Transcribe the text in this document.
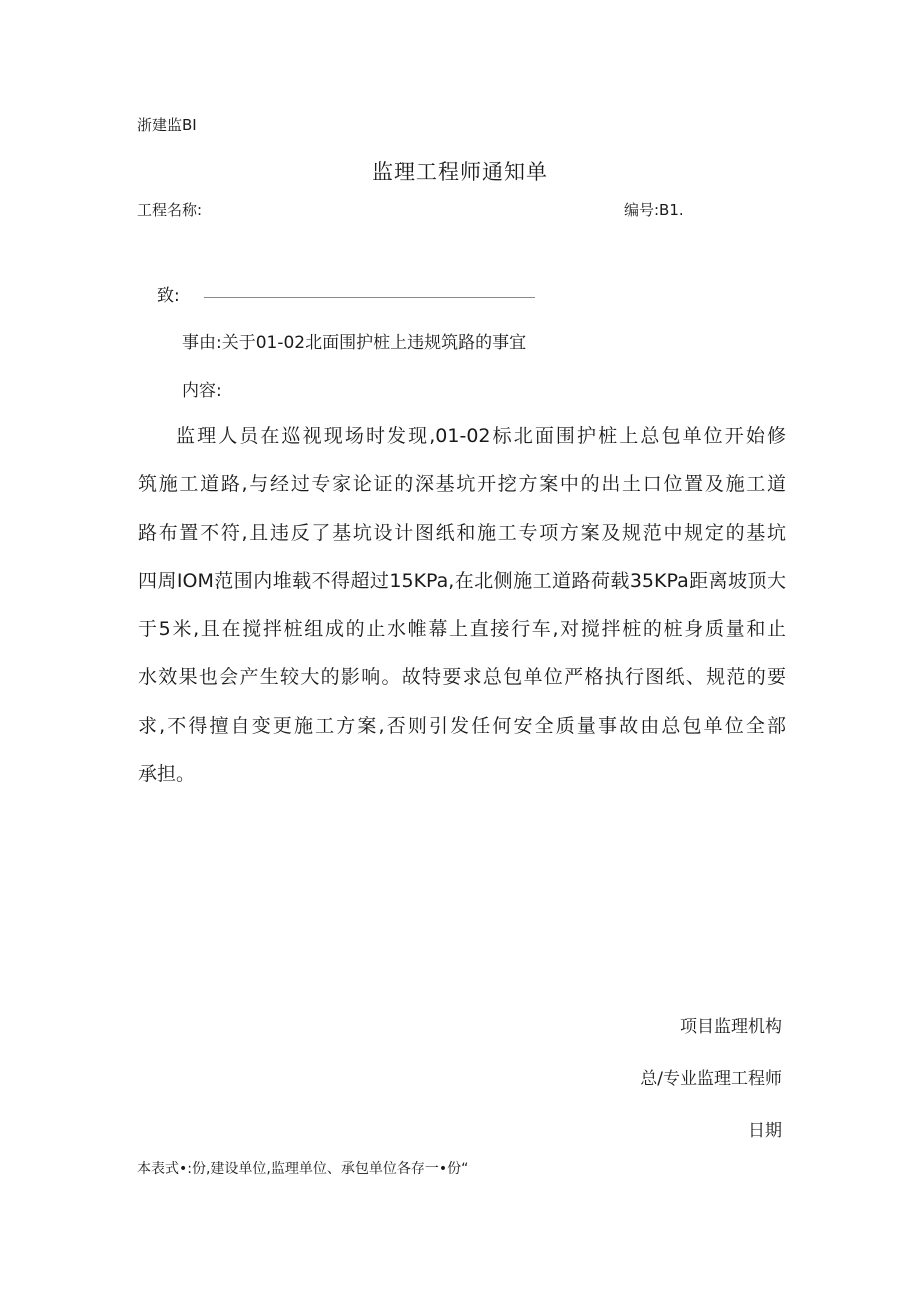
浙建监BI
监理工程师通知单
工程名称:	编号:B1.
致:
事由:关于01-02北面围护桩上违规筑路的事宜
内容:
监理人员在巡视现场时发现,01-02标北面围护桩上总包单位开始修
筑施工道路,与经过专家论证的深基坑开挖方案中的出土口位置及施工道
路布置不符,且违反了基坑设计图纸和施工专项方案及规范中规定的基坑
四周IOM范围内堆载不得超过15KPa,在北侧施工道路荷载35KPa距离坡顶大
于5米,且在搅拌桩组成的止水帷幕上直接行车,对搅拌桩的桩身质量和止
水效果也会产生较大的影响。故特要求总包单位严格执行图纸、规范的要
求,不得擅自变更施工方案,否则引发任何安全质量事故由总包单位全部
承担。
项目监理机构
总/专业监理工程师
日期
本表式•:份,建设单位,监理单位、承包单位各存一•份“
